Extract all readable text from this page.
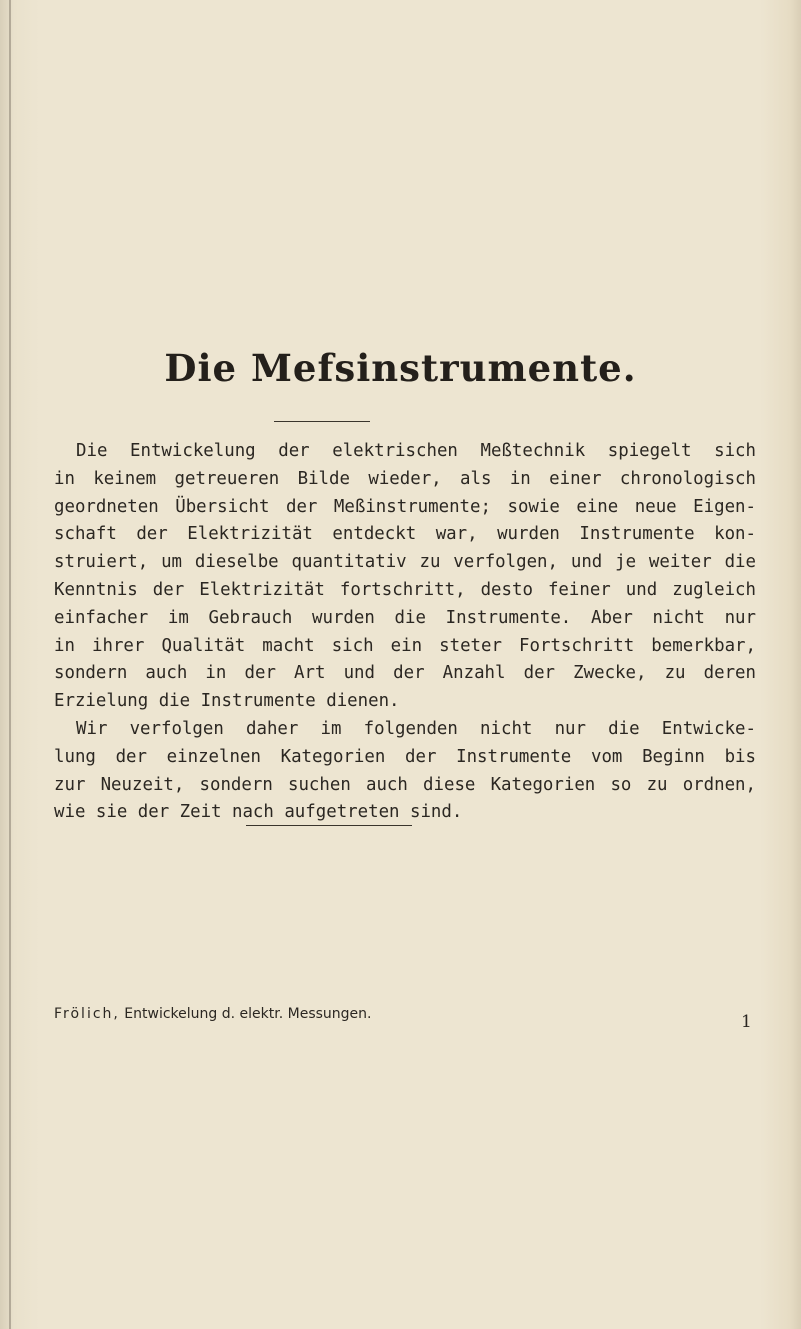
Die Mefsinstrumente.
Die Entwickelung der elektrischen Meßtechnik spiegelt sich
in keinem getreueren Bilde wieder, als in einer chronologisch
geordneten Übersicht der Meßinstrumente; sowie eine neue Eigen-
schaft der Elektrizität entdeckt war, wurden Instrumente kon-
struiert, um dieselbe quantitativ zu verfolgen, und je weiter die
Kenntnis der Elektrizität fortschritt, desto feiner und zugleich
einfacher im Gebrauch wurden die Instrumente. Aber nicht nur
in ihrer Qualität macht sich ein steter Fortschritt bemerkbar,
sondern auch in der Art und der Anzahl der Zwecke, zu deren
Erzielung die Instrumente dienen.
Wir verfolgen daher im folgenden nicht nur die Entwicke-
lung der einzelnen Kategorien der Instrumente vom Beginn bis
zur Neuzeit, sondern suchen auch diese Kategorien so zu ordnen,
wie sie der Zeit nach aufgetreten sind.
Frölich, Entwickelung d. elektr. Messungen.	1
